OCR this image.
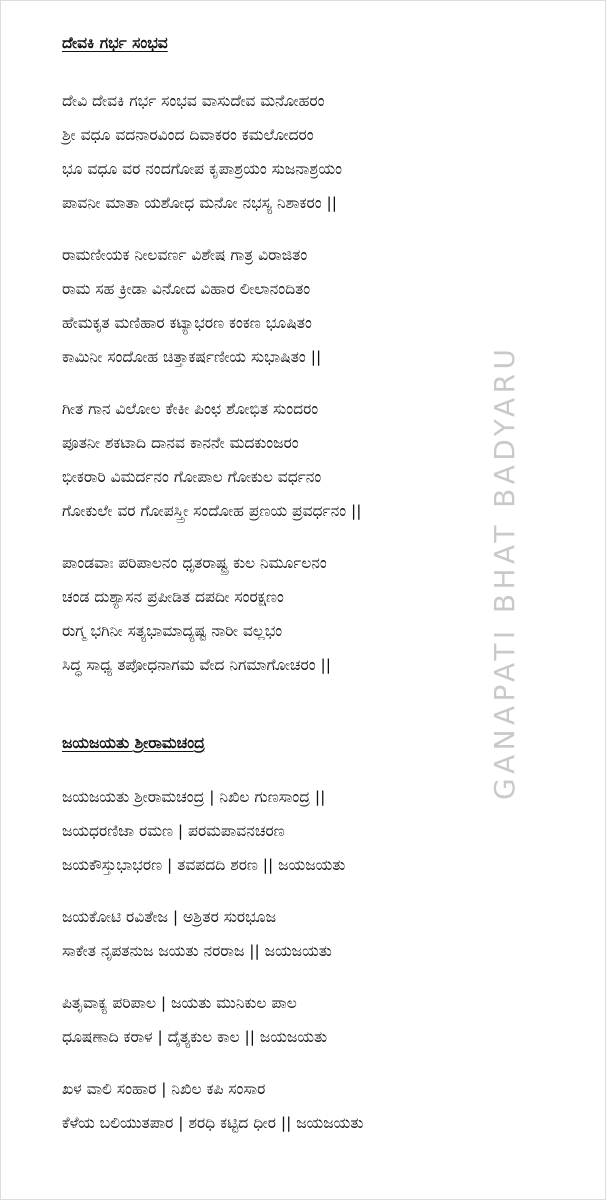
ದೇವಕಿ ಗರ್ಭ ಸಂಭವ
ದೇವಿ ದೇವಕಿ ಗರ್ಭ ಸಂಭವ ವಾಸುದೇವ ಮನೋಹರಂ
ಶ್ರೀ ವಧೂ ವದನಾರವಿಂದ ದಿವಾಕರಂ ಕಮಲೋದರಂ
ಭೂ ವಧೂ ವರ ನಂದಗೋಪ ಕೃಪಾಶ್ರಯಂ ಸುಜನಾಶ್ರಯಂ
ಪಾವನೀ ಮಾತಾ ಯಶೋಧ ಮನೋ ನಭಸ್ಯ ನಿಶಾಕರಂ ||
ರಾಮಣೀಯಕ ನೀಲವರ್ಣ ವಿಶೇಷ ಗಾತ್ರ ವಿರಾಜಿತಂ
ರಾಮ ಸಹ ಕ್ರೀಡಾ ವಿನೋದ ವಿಹಾರ ಲೀಲಾನಂದಿತಂ
ಹೇಮಕೃತ ಮಣಿಹಾರ ಕಟ್ಯಾಭರಣ ಕಂಕಣ ಭೂಷಿತಂ
ಕಾಮಿನೀ ಸಂದೋಹ ಚಿತ್ತಾಕರ್ಷಣೀಯ ಸುಭಾಷಿತಂ ||
ಗೀತ ಗಾನ ವಿಲೋಲ ಕೇಕೀ ಪಿಂಛ ಶೋಭಿತ ಸುಂದರಂ
ಪೂತನೀ ಶಕಟಾದಿ ದಾನವ ಕಾನನೇ ಮದಕುಂಜರಂ
ಭೀಕರಾರಿ ವಿಮರ್ದನಂ ಗೋಪಾಲ ಗೋಕುಲ ವರ್ಧನಂ
ಗೋಕುಲೇ ವರ ಗೋಪಸ್ತ್ರೀ ಸಂದೋಹ ಪ್ರಣಯ ಪ್ರವರ್ಧನಂ ||
ಪಾಂಡವಾಃ ಪರಿಪಾಲನಂ ಧೃತರಾಷ್ಟ್ರ ಕುಲ ನಿರ್ಮೂಲನಂ
ಚಂಡ ದುಶ್ಯಾಸನ ಪ್ರಪೀಡಿತ ದಪದೀ ಸಂರಕ್ಷಣಂ
ರುಗ್ಮ ಭಗಿನೀ ಸತ್ಯಭಾಮಾದ್ಯಷ್ಟ ನಾರೀ ವಲ್ಲಭಂ
ಸಿದ್ಧ ಸಾಧ್ಯ ತಪೋಧನಾಗಮ ವೇದ ನಿಗಮಾಗೋಚರಂ ||
ಜಯಜಯತು ಶ್ರೀರಾಮಚಂದ್ರ
ಜಯಜಯತು ಶ್ರೀರಾಮಚಂದ್ರ | ನಿಖಿಲ ಗುಣಸಾಂದ್ರ ||
ಜಯಧರಣಿಜಾ ರಮಣ | ಪರಮಪಾವನಚರಣ
ಜಯಕೌಸ್ತುಭಾಭರಣ | ತವಪದದಿ ಶರಣ || ಜಯಜಯತು
ಜಯಕೋಟಿ ರವಿತೇಜ | ಅಶ್ರಿತರ ಸುರಭೂಜ
ಸಾಕೇತ ನೃಪತನುಜ ಜಯತು ನರರಾಜ || ಜಯಜಯತು
ಪಿತೃವಾಕ್ಯ ಪರಿಪಾಲ | ಜಯತು ಮುನಿಕುಲ ಪಾಲ
ಧೂಷಣಾದಿ ಕರಾಳ | ದೈತ್ಯಕುಲ ಕಾಲ || ಜಯಜಯತು
ಖಳ ವಾಲಿ ಸಂಹಾರ | ನಿಖಿಲ ಕಪಿ ಸಂಸಾರ
ಕೆಳೆಯ ಬಲಿಯುತಪಾರ | ಶರಧಿ ಕಟ್ಟಿದ ಧೀರ || ಜಯಜಯತು
GANAPATI BHAT BADYARU
